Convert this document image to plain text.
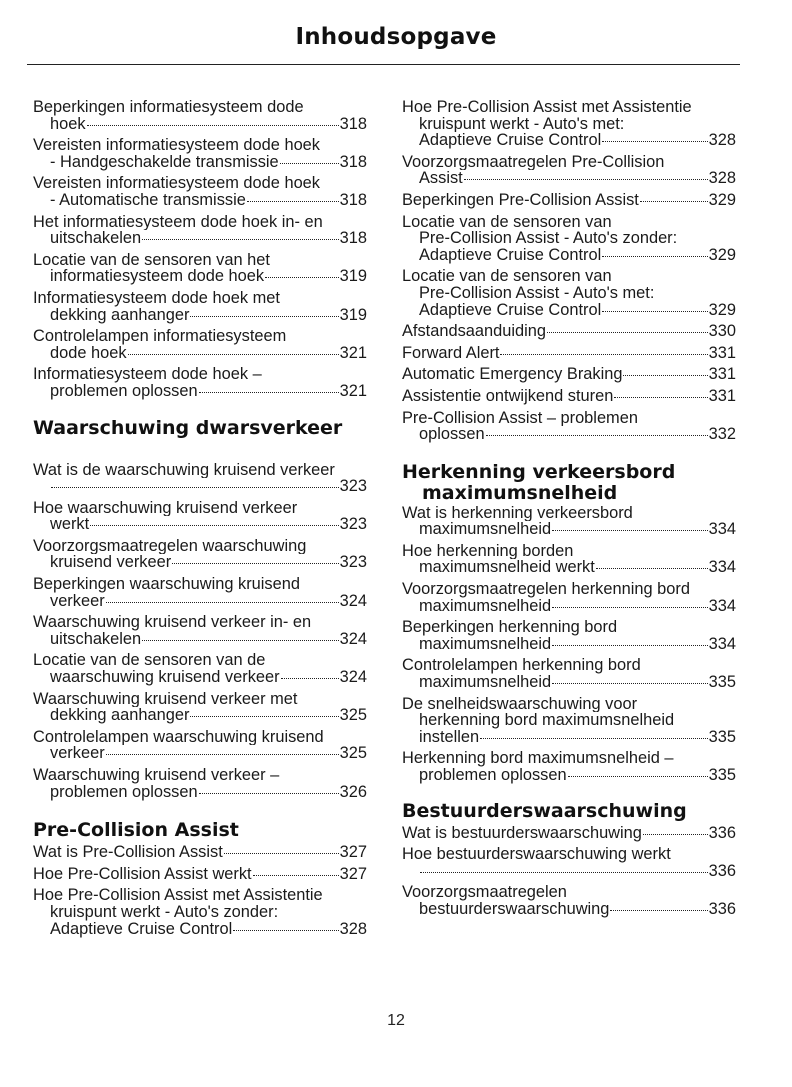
Inhoudsopgave
Beperkingen informatiesysteem dode
hoek	318
Vereisten informatiesysteem dode hoek
- Handgeschakelde transmissie	318
Vereisten informatiesysteem dode hoek
- Automatische transmissie	318
Het informatiesysteem dode hoek in- en
uitschakelen	318
Locatie van de sensoren van het
informatiesysteem dode hoek	319
Informatiesysteem dode hoek met
dekking aanhanger	319
Controlelampen informatiesysteem
dode hoek	321
Informatiesysteem dode hoek –
problemen oplossen	321
Waarschuwing dwarsverkeer
Wat is de waarschuwing kruisend verkeer
323
Hoe waarschuwing kruisend verkeer
werkt	323
Voorzorgsmaatregelen waarschuwing
kruisend verkeer	323
Beperkingen waarschuwing kruisend
verkeer	324
Waarschuwing kruisend verkeer in- en
uitschakelen	324
Locatie van de sensoren van de
waarschuwing kruisend verkeer	324
Waarschuwing kruisend verkeer met
dekking aanhanger	325
Controlelampen waarschuwing kruisend
verkeer	325
Waarschuwing kruisend verkeer –
problemen oplossen	326
Pre-Collision Assist
Wat is Pre-Collision Assist	327
Hoe Pre-Collision Assist werkt	327
Hoe Pre-Collision Assist met Assistentie
kruispunt werkt - Auto's zonder:
Adaptieve Cruise Control	328
Hoe Pre-Collision Assist met Assistentie
kruispunt werkt - Auto's met:
Adaptieve Cruise Control	328
Voorzorgsmaatregelen Pre-Collision
Assist	328
Beperkingen Pre-Collision Assist	329
Locatie van de sensoren van
Pre-Collision Assist - Auto's zonder:
Adaptieve Cruise Control	329
Locatie van de sensoren van
Pre-Collision Assist - Auto's met:
Adaptieve Cruise Control	329
Afstandsaanduiding	330
Forward Alert	331
Automatic Emergency Braking	331
Assistentie ontwijkend sturen	331
Pre-Collision Assist – problemen
oplossen	332
Herkenning verkeersbord
maximumsnelheid
Wat is herkenning verkeersbord
maximumsnelheid	334
Hoe herkenning borden
maximumsnelheid werkt	334
Voorzorgsmaatregelen herkenning bord
maximumsnelheid	334
Beperkingen herkenning bord
maximumsnelheid	334
Controlelampen herkenning bord
maximumsnelheid	335
De snelheidswaarschuwing voor
herkenning bord maximumsnelheid
instellen	335
Herkenning bord maximumsnelheid –
problemen oplossen	335
Bestuurderswaarschuwing
Wat is bestuurderswaarschuwing	336
Hoe bestuurderswaarschuwing werkt
336
Voorzorgsmaatregelen
bestuurderswaarschuwing	336
12
